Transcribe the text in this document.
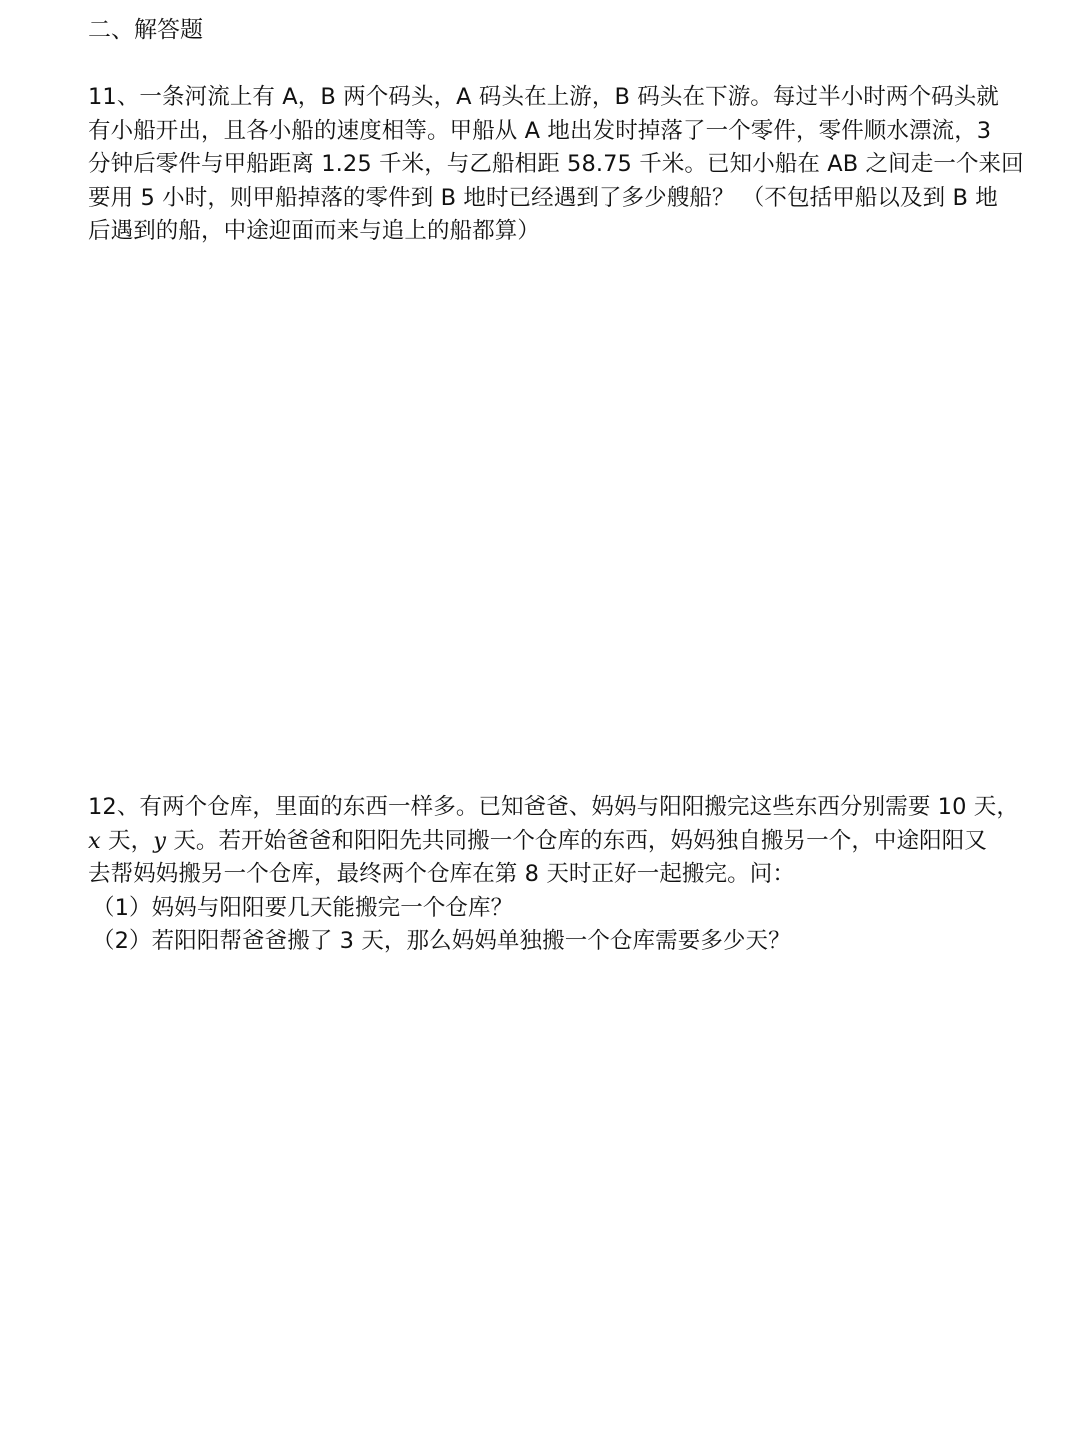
二、解答题
11、一条河流上有 A，B 两个码头，A 码头在上游，B 码头在下游。每过半小时两个码头就
有小船开出，且各小船的速度相等。甲船从 A 地出发时掉落了一个零件，零件顺水漂流，3
分钟后零件与甲船距离 1.25 千米，与乙船相距 58.75 千米。已知小船在 AB 之间走一个来回
要用 5 小时，则甲船掉落的零件到 B 地时已经遇到了多少艘船？ （不包括甲船以及到 B 地
后遇到的船，中途迎面而来与追上的船都算）
12、有两个仓库，里面的东西一样多。已知爸爸、妈妈与阳阳搬完这些东西分别需要 10 天，
x 天，y 天。若开始爸爸和阳阳先共同搬一个仓库的东西，妈妈独自搬另一个，中途阳阳又
去帮妈妈搬另一个仓库，最终两个仓库在第 8 天时正好一起搬完。问：
（1）妈妈与阳阳要几天能搬完一个仓库？
（2）若阳阳帮爸爸搬了 3 天，那么妈妈单独搬一个仓库需要多少天？
